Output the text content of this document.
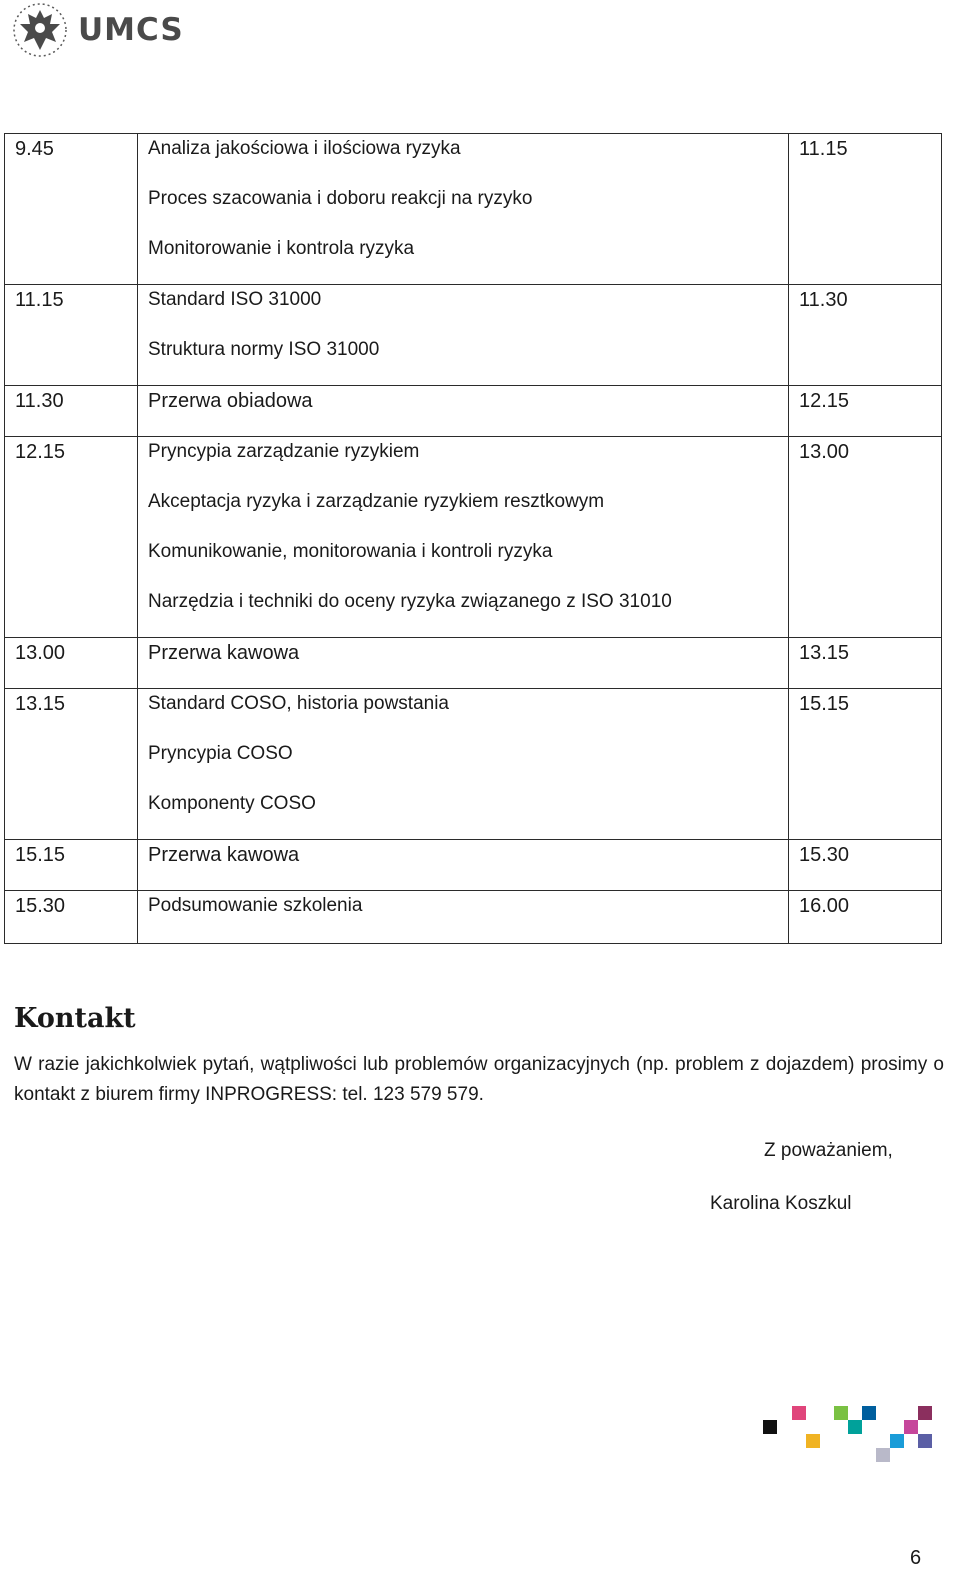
UMCS
9.45	Analiza jakościowa i ilościowa ryzyka
Proces szacowania i doboru reakcji na ryzyko
Monitorowanie i kontrola ryzyka	11.15
11.15	Standard ISO 31000
Struktura normy ISO 31000	11.30
11.30	Przerwa obiadowa	12.15
12.15	Pryncypia zarządzanie ryzykiem
Akceptacja ryzyka i zarządzanie ryzykiem resztkowym
Komunikowanie, monitorowania i kontroli ryzyka
Narzędzia i techniki do oceny ryzyka związanego z ISO 31010	13.00
13.00	Przerwa kawowa	13.15
13.15	Standard COSO, historia powstania
Pryncypia COSO
Komponenty COSO	15.15
15.15	Przerwa kawowa	15.30
15.30	Podsumowanie szkolenia	16.00
Kontakt

W razie jakichkolwiek pytań, wątpliwości lub problemów organizacyjnych (np. problem z dojazdem) prosimy o kontakt z biurem firmy INPROGRESS: tel. 123 579 579.

Z poważaniem,
Karolina Koszkul
6
